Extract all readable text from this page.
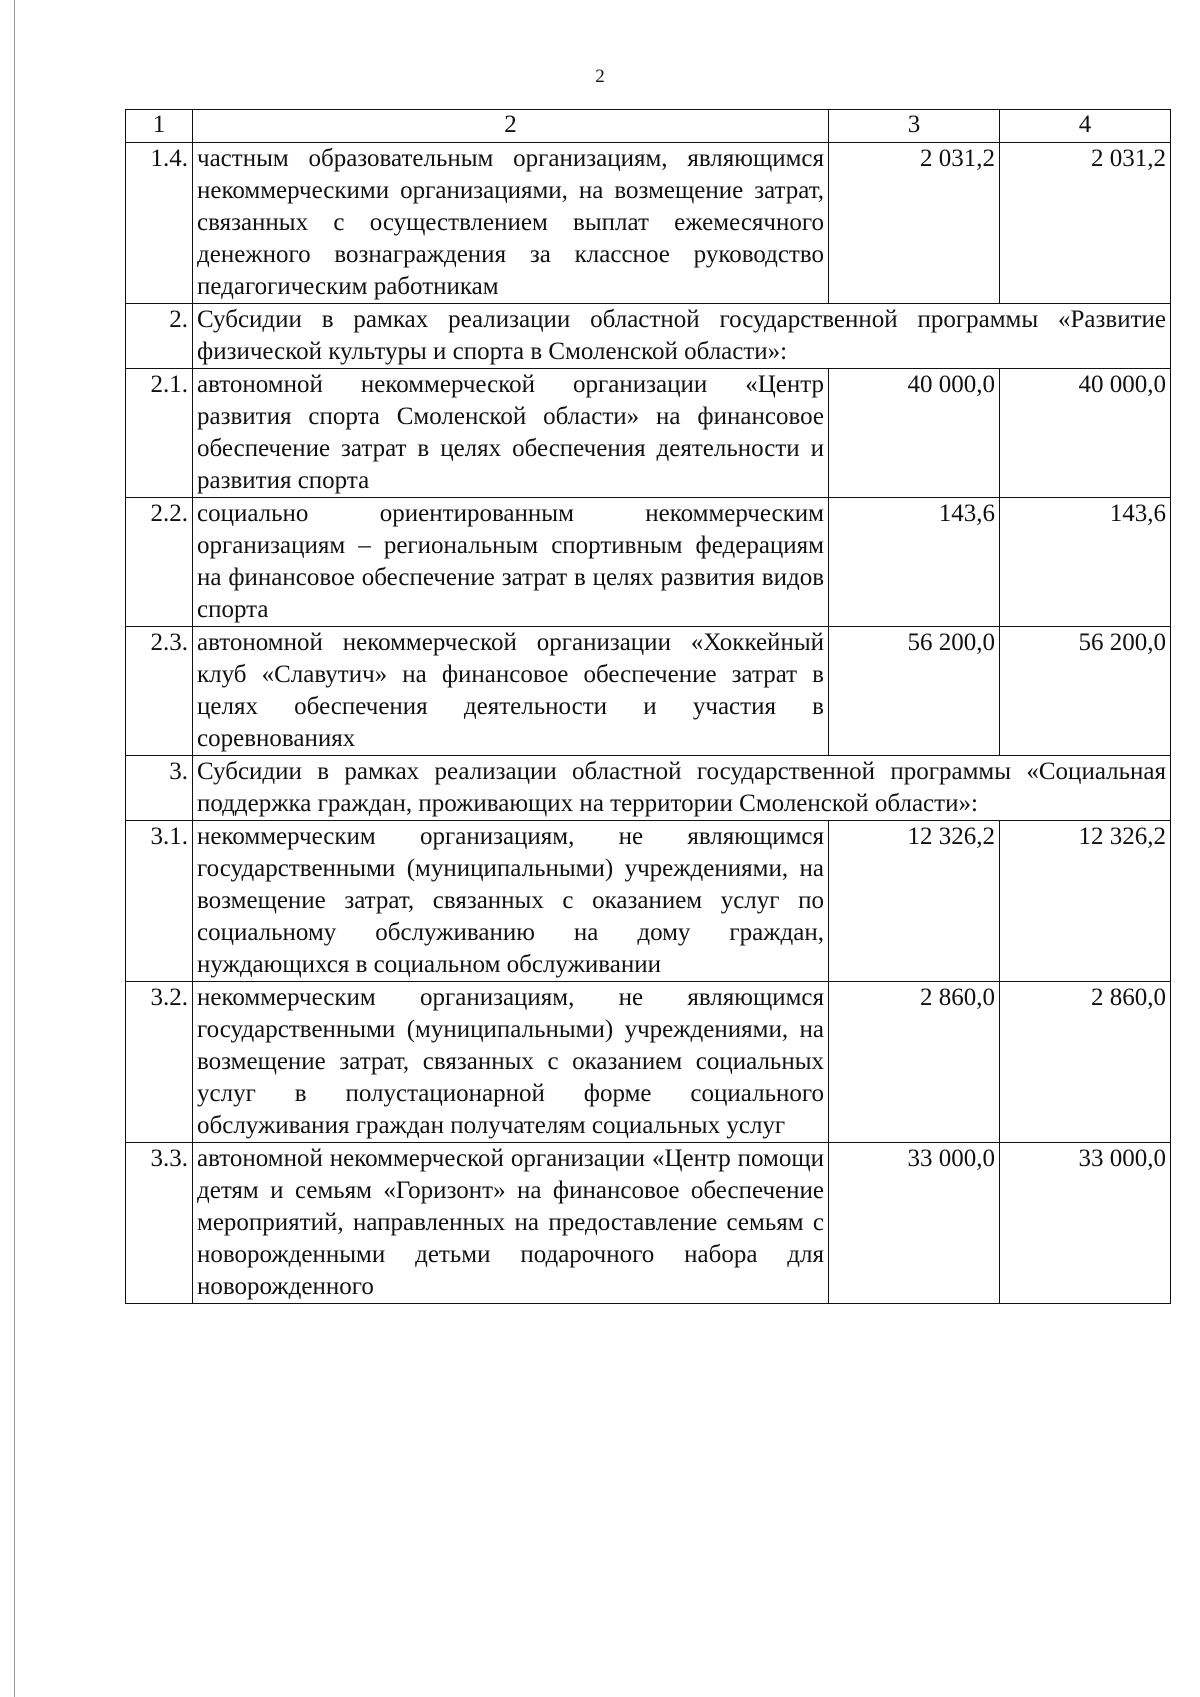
2
1	2	3	4
1.4.	частным образовательным организациям, являющимся некоммерческими организациями, на возмещение затрат, связанных с осуществлением выплат ежемесячного денежного вознаграждения за классное руководство педагогическим работникам	2 031,2	2 031,2
2.	Субсидии в рамках реализации областной государственной программы «Развитие физической культуры и спорта в Смоленской области»:		
2.1.	автономной некоммерческой организации «Центр развития спорта Смоленской области» на финансовое обеспечение затрат в целях обеспечения деятельности и развития спорта	40 000,0	40 000,0
2.2.	социально ориентированным некоммерческим организациям – региональным спортивным федерациям на финансовое обеспечение затрат в целях развития видов спорта	143,6	143,6
2.3.	автономной некоммерческой организации «Хоккейный клуб «Славутич» на финансовое обеспечение затрат в целях обеспечения деятельности и участия в соревнованиях	56 200,0	56 200,0
3.	Субсидии в рамках реализации областной государственной программы «Социальная поддержка граждан, проживающих на территории Смоленской области»:		
3.1.	некоммерческим организациям, не являющимся государственными (муниципальными) учреждениями, на возмещение затрат, связанных с оказанием услуг по социальному обслуживанию на дому граждан, нуждающихся в социальном обслуживании	12 326,2	12 326,2
3.2.	некоммерческим организациям, не являющимся государственными (муниципальными) учреждениями, на возмещение затрат, связанных с оказанием социальных услуг в полустационарной форме социального обслуживания граждан получателям социальных услуг	2 860,0	2 860,0
3.3.	автономной некоммерческой организации «Центр помощи детям и семьям «Горизонт» на финансовое обеспечение мероприятий, направленных на предоставление семьям с новорожденными детьми подарочного набора для новорожденного	33 000,0	33 000,0
